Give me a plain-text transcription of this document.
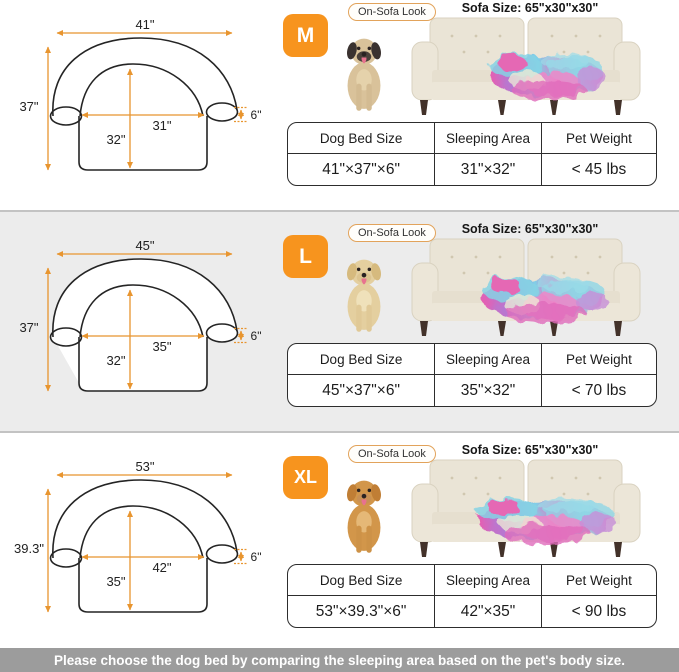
41"
37"
31"
32"
6"
M
On-Sofa Look	Sofa Size: 65"x30"x30"
Dog Bed Size	Sleeping Area	Pet Weight
41"×37"×6"	31"×32"	< 45 lbs
45"
37"
35"
32"
6"
L
On-Sofa Look	Sofa Size: 65"x30"x30"
Dog Bed Size	Sleeping Area	Pet Weight
45"×37"×6"	35"×32"	< 70 lbs
53"
39.3"
42"
35"
6"
XL
On-Sofa Look	Sofa Size: 65"x30"x30"
Dog Bed Size	Sleeping Area	Pet Weight
53"×39.3"×6"	42"×35"	< 90 lbs
Please choose the dog bed by comparing the sleeping area based on the pet's body size.
